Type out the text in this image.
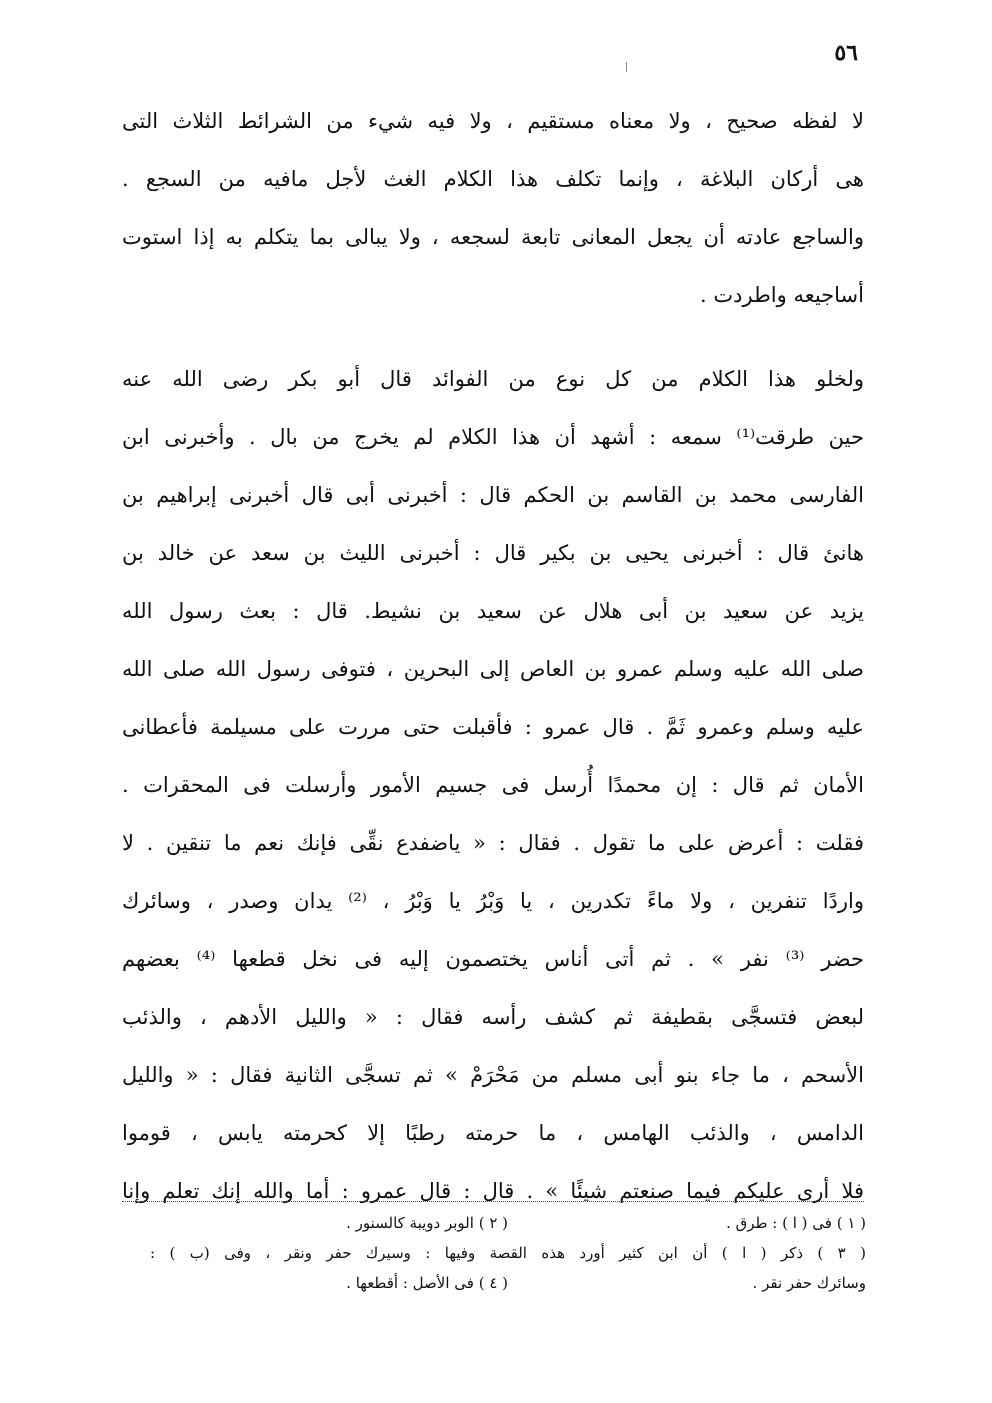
٥٦
لا لفظه صحيح ، ولا معناه مستقيم ، ولا فيه شيء من الشرائط الثلاث التى
هى أركان البلاغة ، وإنما تكلف هذا الكلام الغث لأجل مافيه من السجع .
والساجع عادته أن يجعل المعانى تابعة لسجعه ، ولا يبالى بما يتكلم به إذا استوت
أساجيعه واطردت .
ولخلو هذا الكلام من كل نوع من الفوائد قال أبو بكر رضى الله عنه
حين طرقت⁽¹⁾ سمعه : أشهد أن هذا الكلام لم يخرج من بال . وأخبرنى ابن
الفارسى محمد بن القاسم بن الحكم قال : أخبرنى أبى قال أخبرنى إبراهيم بن
هانئ قال : أخبرنى يحيى بن بكير قال : أخبرنى الليث بن سعد عن خالد بن
يزيد عن سعيد بن أبى هلال عن سعيد بن نشيط. قال : بعث رسول الله
صلى الله عليه وسلم عمرو بن العاص إلى البحرين ، فتوفى رسول الله صلى الله
عليه وسلم وعمرو ثَمَّ . قال عمرو : فأقبلت حتى مررت على مسيلمة فأعطانى
الأمان ثم قال : إن محمدًا أُرسل فى جسيم الأمور وأرسلت فى المحقرات .
فقلت : أعرض على ما تقول . فقال : « ياضفدع نقِّى فإنك نعم ما تنقين . لا
واردًا تنفرين ، ولا ماءً تكدرين ، يا وَبْرُ يا وَبْرُ ، ⁽²⁾ يدان وصدر ، وسائرك
حضر ⁽³⁾ نفر » . ثم أتى أناس يختصمون إليه فى نخل قطعها ⁽⁴⁾ بعضهم
لبعض فتسجَّى بقطيفة ثم كشف رأسه فقال : « والليل الأدهم ، والذئب
الأسحم ، ما جاء بنو أبى مسلم من مَحْرَمْ » ثم تسجَّى الثانية فقال : « والليل
الدامس ، والذئب الهامس ، ما حرمته رطبًا إلا كحرمته يابس ، قوموا
فلا أرى عليكم فيما صنعتم شيئًا » . قال : قال عمرو : أما والله إنك تعلم وإنا
( ١ ) فى ( ا ) : طرق .
( ٢ ) الوبر دويبة كالسنور .
( ٣ ) ذكر ( ا ) أن ابن كثير أورد هذه القصة وفيها : وسيرك حفر ونقر ، وفى (ب ) :
وسائرك حفر نقر .
( ٤ ) فى الأصل : أقطعها .
